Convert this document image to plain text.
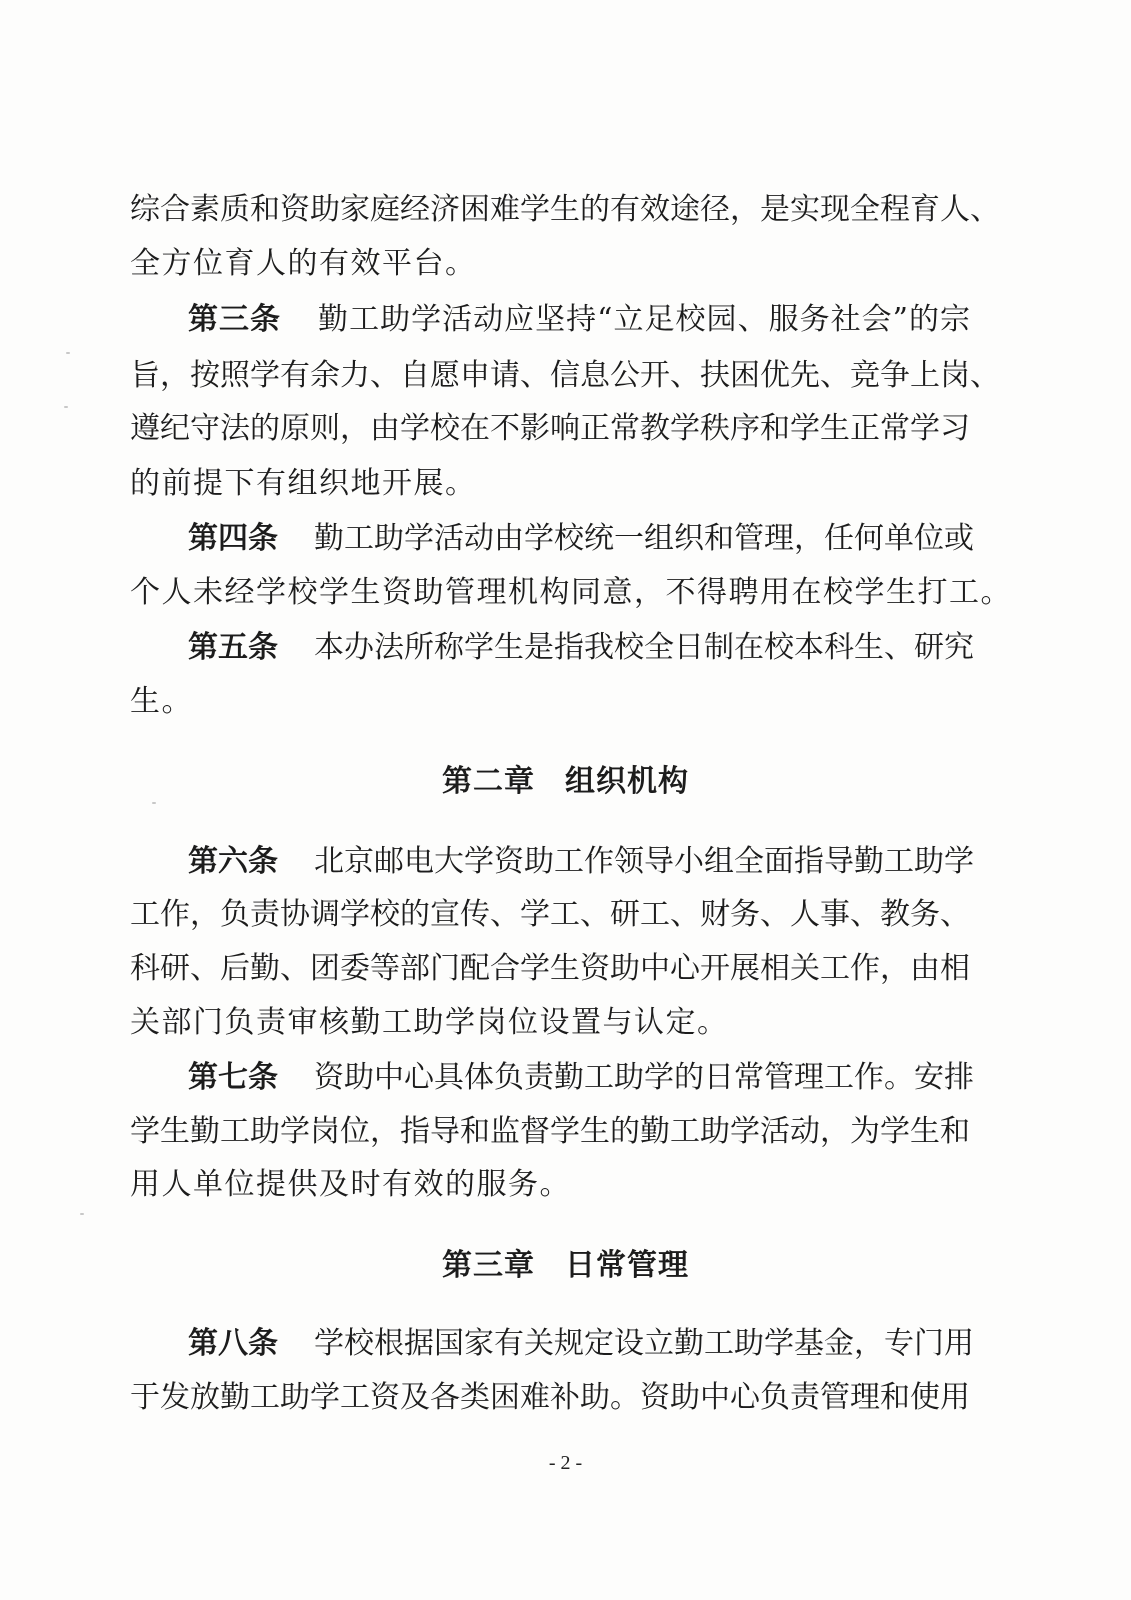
综合素质和资助家庭经济困难学生的有效途径，是实现全程育人、
全方位育人的有效平台。
第三条 勤工助学活动应坚持“立足校园、服务社会”的宗
旨，按照学有余力、自愿申请、信息公开、扶困优先、竞争上岗、
遵纪守法的原则，由学校在不影响正常教学秩序和学生正常学习
的前提下有组织地开展。
第四条 勤工助学活动由学校统一组织和管理，任何单位或
个人未经学校学生资助管理机构同意，不得聘用在校学生打工。
第五条 本办法所称学生是指我校全日制在校本科生、研究
生。
第二章 组织机构
第六条 北京邮电大学资助工作领导小组全面指导勤工助学
工作，负责协调学校的宣传、学工、研工、财务、人事、教务、
科研、后勤、团委等部门配合学生资助中心开展相关工作，由相
关部门负责审核勤工助学岗位设置与认定。
第七条 资助中心具体负责勤工助学的日常管理工作。安排
学生勤工助学岗位，指导和监督学生的勤工助学活动，为学生和
用人单位提供及时有效的服务。
第三章 日常管理
第八条 学校根据国家有关规定设立勤工助学基金，专门用
于发放勤工助学工资及各类困难补助。资助中心负责管理和使用
- 2 -
